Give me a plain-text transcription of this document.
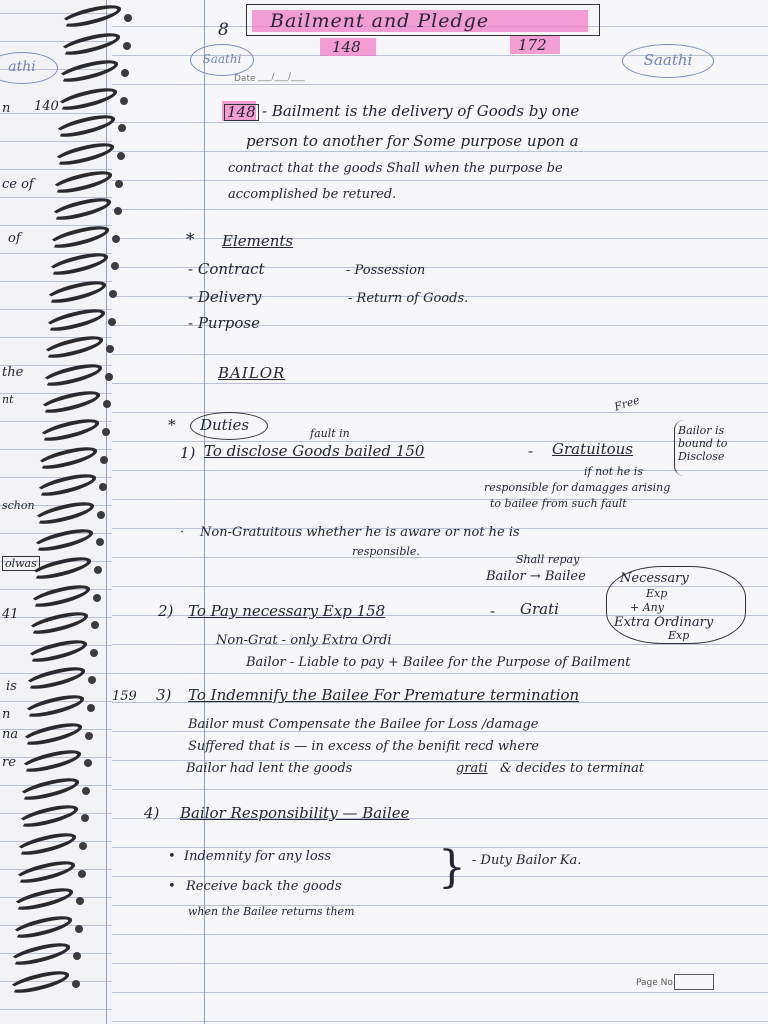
athi
n 140
ce of
of
the
nt
schon
olwas
41
is
n
na
re
Saathi	Saathi
Date ___/___/___
Page No.
8 Bailment and Pledge
148	172
148 - Bailment is the delivery of Goods by one
person to another for Some purpose upon a
contract that the goods Shall when the purpose be
accomplished be retured.
* Elements
- Contract
- Delivery
- Purpose
- Possession
- Return of Goods.
BAILOR
* Duties	fault in
1) To disclose Goods bailed 150	-
Free
Gratuitous
Bailor is bound to Disclose
if not he is
responsible for damagges arising
to bailee from such fault
· Non-Gratuitous whether he is aware or not he is
responsible.
Shall repay
Bailor → Bailee
2) To Pay necessary Exp 158	- Grati
Necessary
Exp
+ Any
Extra Ordinary
Exp
Non-Grat - only Extra Ordi
Bailor - Liable to pay + Bailee for the Purpose of Bailment
159 3) To Indemnify the Bailee For Premature termination
Bailor must Compensate the Bailee for Loss /damage
Suffered that is — in excess of the benifit recd where
Bailor had lent the goods	grati & decides to terminat
4) Bailor Responsibility — Bailee
• Indemnity for any loss
• Receive back the goods
when the Bailee returns them
} - Duty Bailor Ka.
